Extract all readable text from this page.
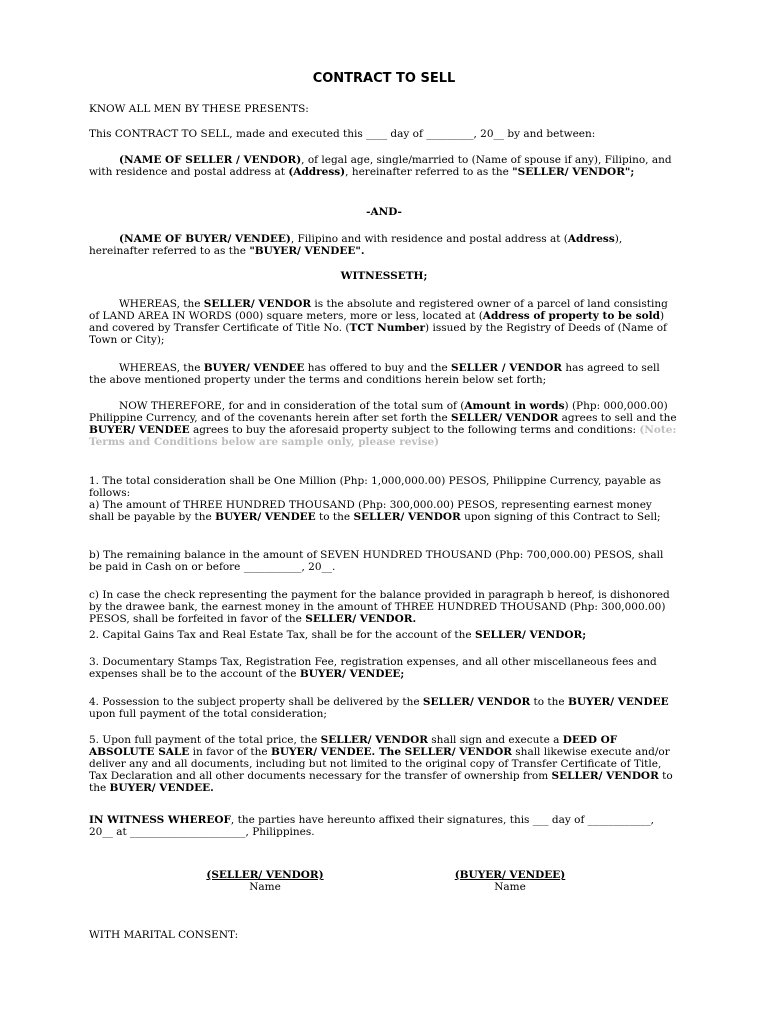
CONTRACT TO SELL
KNOW ALL MEN BY THESE PRESENTS:
This CONTRACT TO SELL, made and executed this ____ day of _________, 20__ by and between:
(NAME OF SELLER / VENDOR), of legal age, single/married to (Name of spouse if any), Filipino, and with residence and postal address at (Address), hereinafter referred to as the "SELLER/ VENDOR";
-AND-
(NAME OF BUYER/ VENDEE), Filipino and with residence and postal address at (Address), hereinafter referred to as the "BUYER/ VENDEE".
WITNESSETH;
WHEREAS, the SELLER/ VENDOR is the absolute and registered owner of a parcel of land consisting of LAND AREA IN WORDS (000) square meters, more or less, located at (Address of property to be sold) and covered by Transfer Certificate of Title No. (TCT Number) issued by the Registry of Deeds of (Name of Town or City);
WHEREAS, the BUYER/ VENDEE has offered to buy and the SELLER / VENDOR has agreed to sell the above mentioned property under the terms and conditions herein below set forth;
NOW THEREFORE, for and in consideration of the total sum of (Amount in words) (Php: 000,000.00) Philippine Currency, and of the covenants herein after set forth the SELLER/ VENDOR agrees to sell and the BUYER/ VENDEE agrees to buy the aforesaid property subject to the following terms and conditions: (Note: Terms and Conditions below are sample only, please revise)
1. The total consideration shall be One Million (Php: 1,000,000.00) PESOS, Philippine Currency, payable as follows:
a) The amount of THREE HUNDRED THOUSAND (Php: 300,000.00) PESOS, representing earnest money shall be payable by the BUYER/ VENDEE to the SELLER/ VENDOR upon signing of this Contract to Sell;
b) The remaining balance in the amount of SEVEN HUNDRED THOUSAND (Php: 700,000.00) PESOS, shall be paid in Cash on or before ___________, 20__.
c) In case the check representing the payment for the balance provided in paragraph b hereof, is dishonored by the drawee bank, the earnest money in the amount of THREE HUNDRED THOUSAND (Php: 300,000.00) PESOS, shall be forfeited in favor of the SELLER/ VENDOR.
2. Capital Gains Tax and Real Estate Tax, shall be for the account of the SELLER/ VENDOR;
3. Documentary Stamps Tax, Registration Fee, registration expenses, and all other miscellaneous fees and expenses shall be to the account of the BUYER/ VENDEE;
4. Possession to the subject property shall be delivered by the SELLER/ VENDOR to the BUYER/ VENDEE upon full payment of the total consideration;
5. Upon full payment of the total price, the SELLER/ VENDOR shall sign and execute a DEED OF ABSOLUTE SALE in favor of the BUYER/ VENDEE. The SELLER/ VENDOR shall likewise execute and/or deliver any and all documents, including but not limited to the original copy of Transfer Certificate of Title, Tax Declaration and all other documents necessary for the transfer of ownership from SELLER/ VENDOR to the BUYER/ VENDEE.
IN WITNESS WHEREOF, the parties have hereunto affixed their signatures, this ___ day of ____________, 20__ at ______________________, Philippines.
(SELLER/ VENDOR)
Name
(BUYER/ VENDEE)
Name
WITH MARITAL CONSENT:
